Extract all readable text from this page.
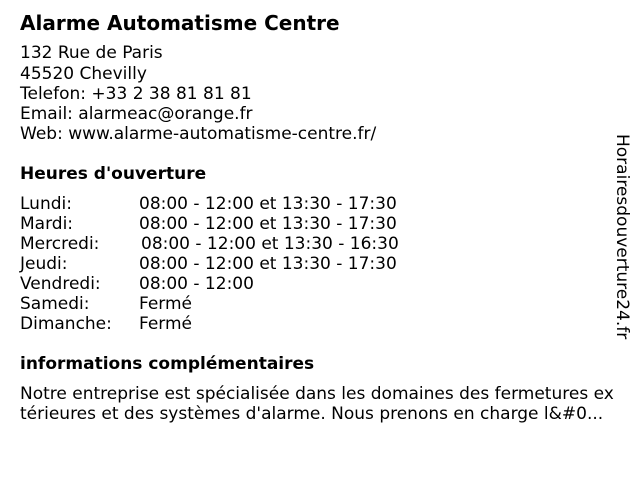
Alarme Automatisme Centre
132 Rue de Paris
45520 Chevilly
Telefon: +33 2 38 81 81 81
Email: alarmeac@orange.fr
Web: www.alarme-automatisme-centre.fr/
Heures d'ouverture
Lundi:	08:00 - 12:00 et 13:30 - 17:30
Mardi:	08:00 - 12:00 et 13:30 - 17:30
Mercredi: 08:00 - 12:00 et 13:30 - 16:30
Jeudi:	08:00 - 12:00 et 13:30 - 17:30
Vendredi: 08:00 - 12:00
Samedi:	Fermé
Dimanche: Fermé
informations complémentaires
Notre entreprise est spécialisée dans les domaines des fermetures ex
térieures et des systèmes d'alarme. Nous prenons en charge l&#0...
Horairesdouverture24.fr
